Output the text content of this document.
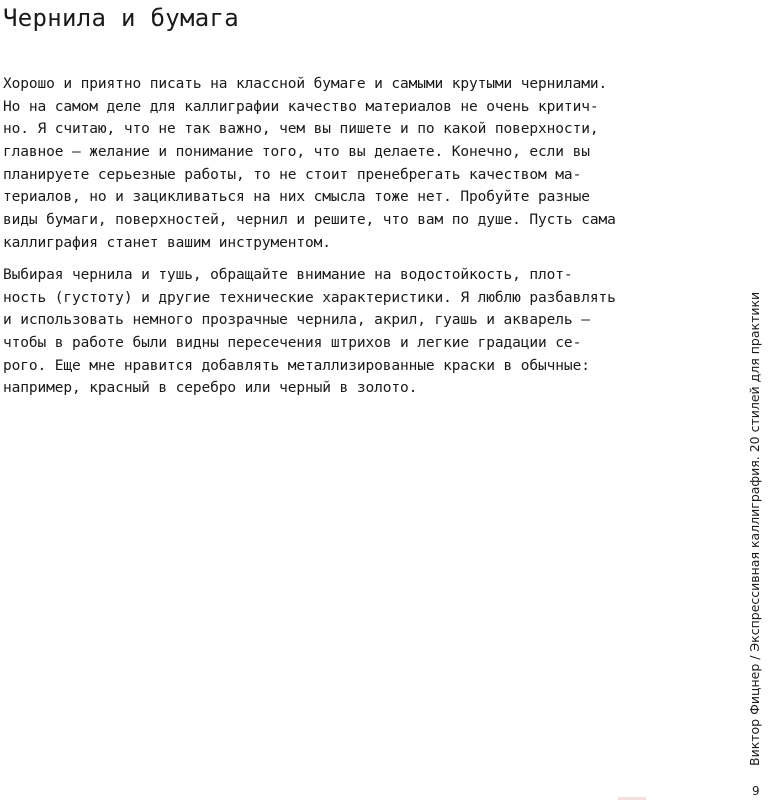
Чернила и бумага
Хорошо и приятно писать на классной бумаге и самыми крутыми чернилами.
Но на самом деле для каллиграфии качество материалов не очень критич-
но. Я считаю, что не так важно, чем вы пишете и по какой поверхности,
главное — желание и понимание того, что вы делаете. Конечно, если вы
планируете серьезные работы, то не стоит пренебрегать качеством ма-
териалов, но и зацикливаться на них смысла тоже нет. Пробуйте разные
виды бумаги, поверхностей, чернил и решите, что вам по душе. Пусть сама
каллиграфия станет вашим инструментом.
Выбирая чернила и тушь, обращайте внимание на водостойкость, плот-
ность (густоту) и другие технические характеристики. Я люблю разбавлять
и использовать немного прозрачные чернила, акрил, гуашь и акварель —
чтобы в работе были видны пересечения штрихов и легкие градации се-
рого. Еще мне нравится добавлять металлизированные краски в обычные:
например, красный в серебро или черный в золото.	Виктор Фицнер / Экспрессивная каллиграфия. 20 стилей для практики
9
